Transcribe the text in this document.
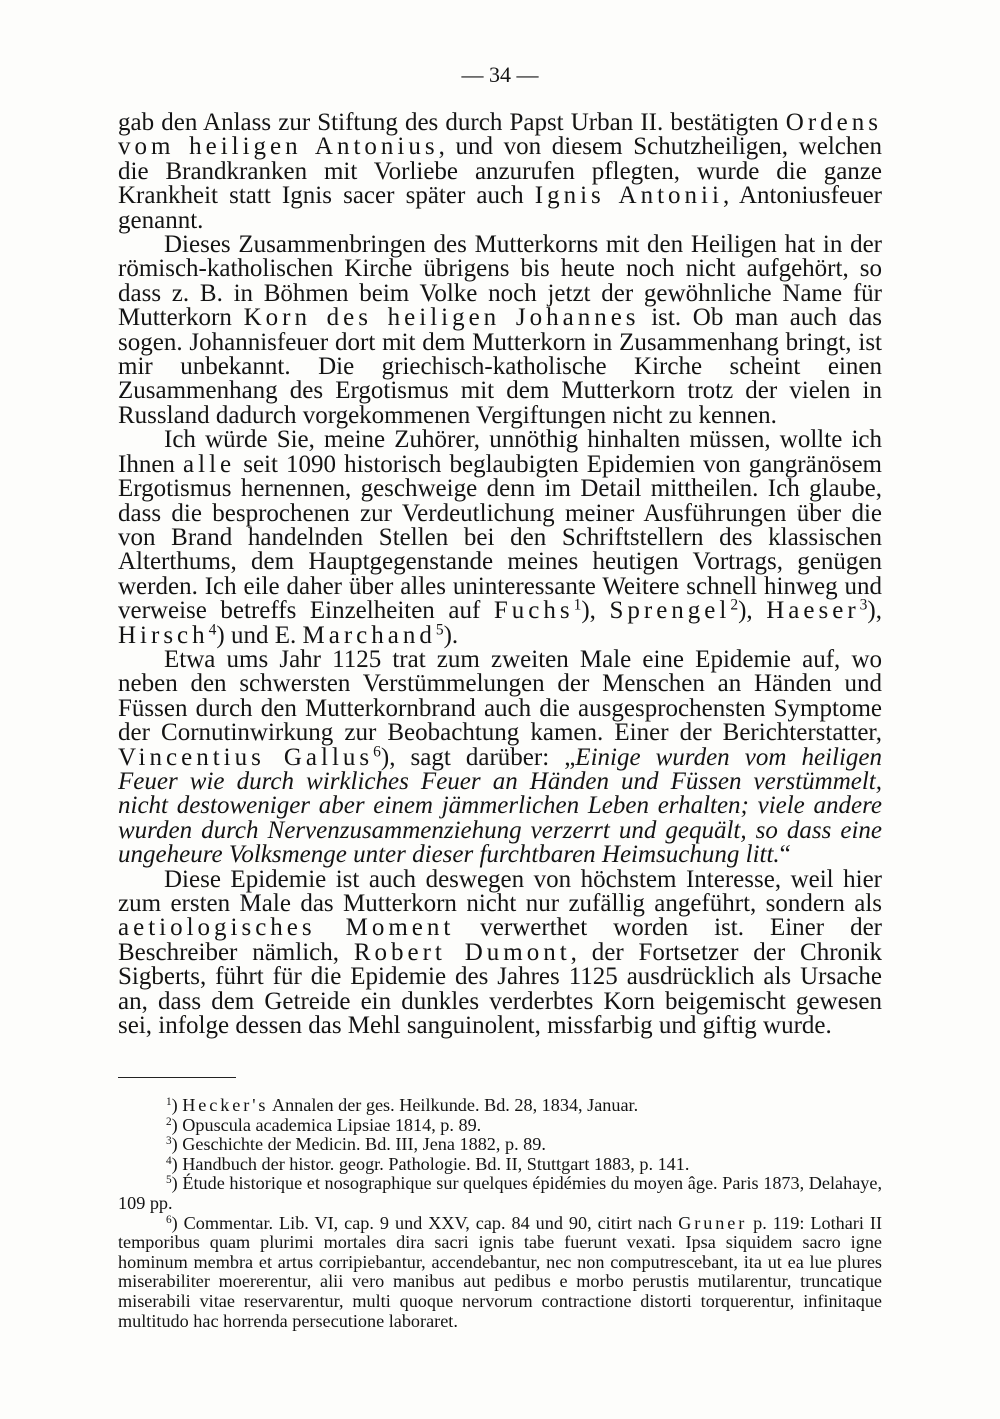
— 34 —

gab den Anlass zur Stiftung des durch Papst Urban II. bestätigten Ordens vom heiligen Antonius, und von diesem Schutzheiligen, welchen die Brandkranken mit Vorliebe anzurufen pflegten, wurde die ganze Krankheit statt Ignis sacer später auch Ignis Antonii, Antoniusfeuer genannt.

Dieses Zusammenbringen des Mutterkorns mit den Heiligen hat in der römisch-katholischen Kirche übrigens bis heute noch nicht aufgehört, so dass z. B. in Böhmen beim Volke noch jetzt der gewöhnliche Name für Mutterkorn Korn des heiligen Johannes ist. Ob man auch das sogen. Johannisfeuer dort mit dem Mutterkorn in Zusammenhang bringt, ist mir unbekannt. Die griechisch-katholische Kirche scheint einen Zusammenhang des Ergotismus mit dem Mutterkorn trotz der vielen in Russland dadurch vorgekommenen Vergiftungen nicht zu kennen.

Ich würde Sie, meine Zuhörer, unnöthig hinhalten müssen, wollte ich Ihnen alle seit 1090 historisch beglaubigten Epidemien von gangränösem Ergotismus hernennen, geschweige denn im Detail mittheilen. Ich glaube, dass die besprochenen zur Verdeutlichung meiner Ausführungen über die von Brand handelnden Stellen bei den Schriftstellern des klassischen Alterthums, dem Hauptgegenstande meines heutigen Vortrags, genügen werden. Ich eile daher über alles uninteressante Weitere schnell hinweg und verweise betreffs Einzelheiten auf Fuchs$^1$), Sprengel$^2$), Haeser$^3$), Hirsch$^4$) und E. Marchand$^5$).

Etwa ums Jahr 1125 trat zum zweiten Male eine Epidemie auf, wo neben den schwersten Verstümmelungen der Menschen an Händen und Füssen durch den Mutterkornbrand auch die ausgesprochensten Symptome der Cornutinwirkung zur Beobachtung kamen. Einer der Berichterstatter, Vincentius Gallus$^6$), sagt darüber: „Einige wurden vom heiligen Feuer wie durch wirkliches Feuer an Händen und Füssen verstümmelt, nicht destoweniger aber einem jämmerlichen Leben erhalten; viele andere wurden durch Nervenzusammenziehung verzerrt und gequält, so dass eine ungeheure Volksmenge unter dieser furchtbaren Heimsuchung litt.“

Diese Epidemie ist auch deswegen von höchstem Interesse, weil hier zum ersten Male das Mutterkorn nicht nur zufällig angeführt, sondern als aetiologisches Moment verwerthet worden ist. Einer der Beschreiber nämlich, Robert Dumont, der Fortsetzer der Chronik Sigberts, führt für die Epidemie des Jahres 1125 ausdrücklich als Ursache an, dass dem Getreide ein dunkles verderbtes Korn beigemischt gewesen sei, infolge dessen das Mehl sanguinolent, missfarbig und giftig wurde.

$^1$) Hecker's Annalen der ges. Heilkunde. Bd. 28, 1834, Januar.

$^2$) Opuscula academica Lipsiae 1814, p. 89.

$^3$) Geschichte der Medicin. Bd. III, Jena 1882, p. 89.

$^4$) Handbuch der histor. geogr. Pathologie. Bd. II, Stuttgart 1883, p. 141.

$^5$) Étude historique et nosographique sur quelques épidémies du moyen âge. Paris 1873, Delahaye, 109 pp.

$^6$) Commentar. Lib. VI, cap. 9 und XXV, cap. 84 und 90, citirt nach Gruner p. 119: Lothari II temporibus quam plurimi mortales dira sacri ignis tabe fuerunt vexati. Ipsa siquidem sacro igne hominum membra et artus corripiebantur, accendebantur, nec non computrescebant, ita ut ea lue plures miserabiliter moererentur, alii vero manibus aut pedibus e morbo perustis mutilarentur, truncatique miserabili vitae reservarentur, multi quoque nervorum contractione distorti torquerentur, infinitaque multitudo hac horrenda persecutione laboraret.
